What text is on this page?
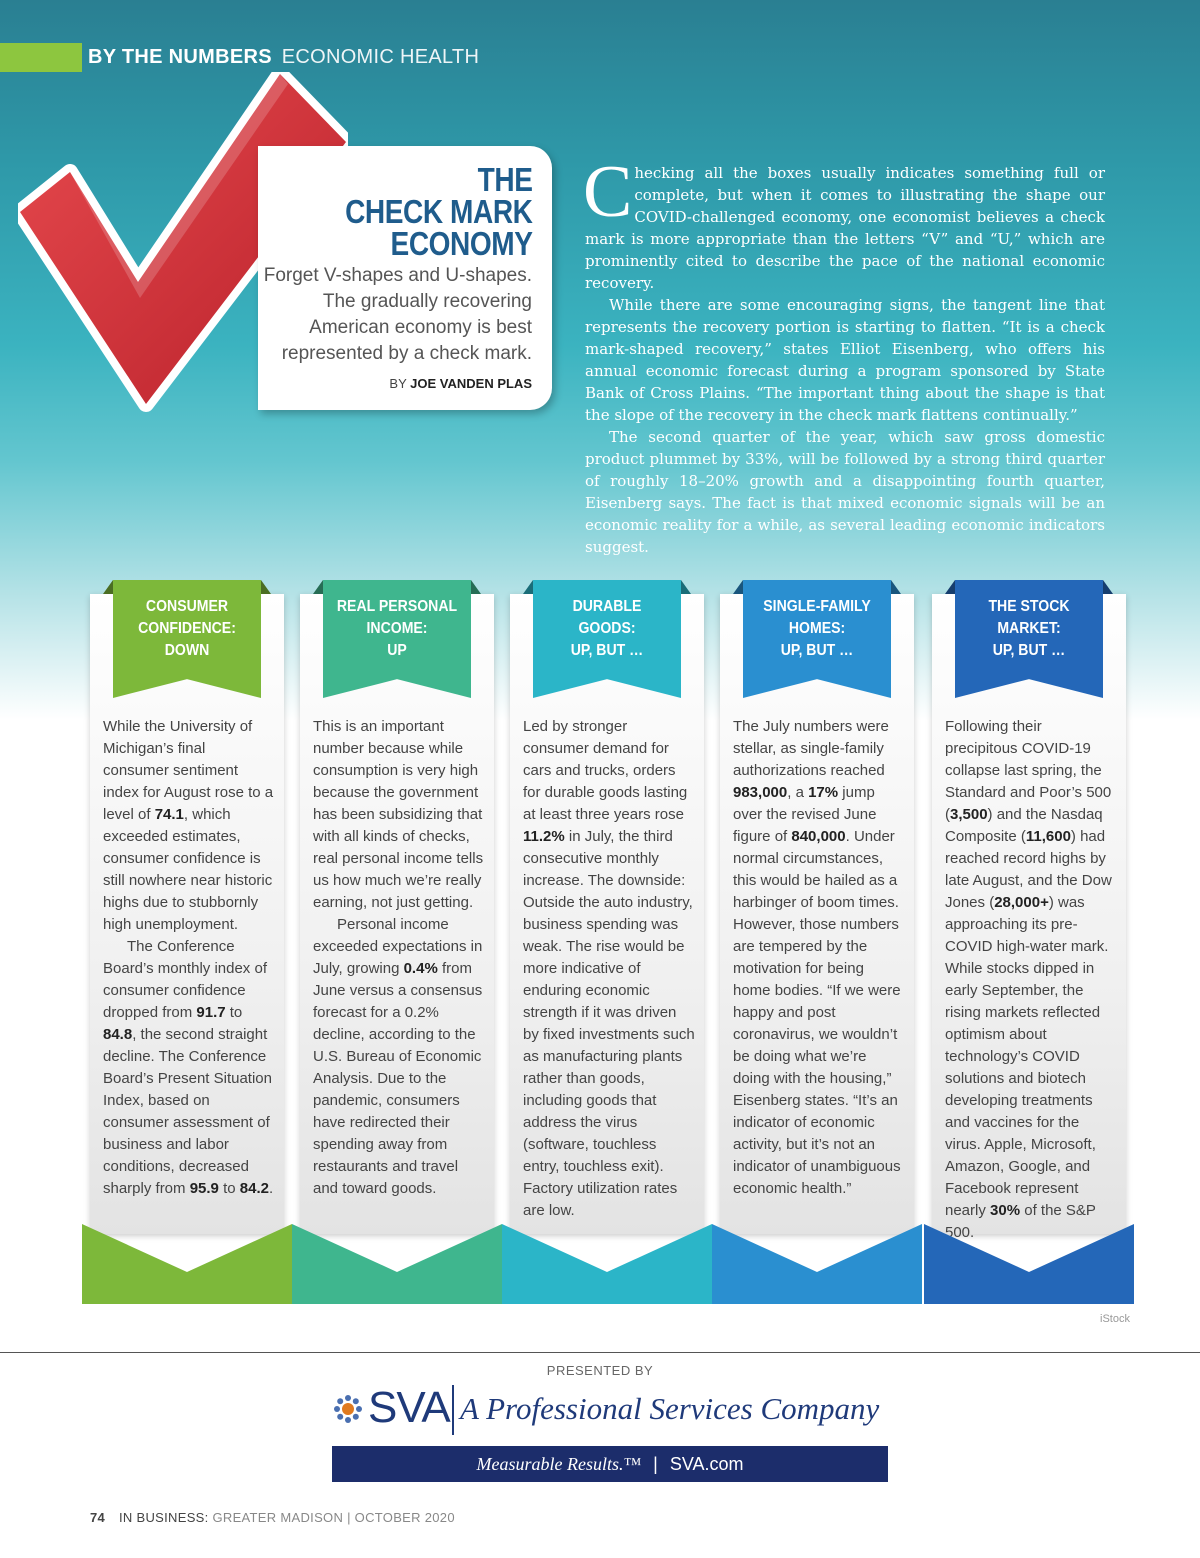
BY THE NUMBERS ECONOMIC HEALTH
THE
CHECK MARK
ECONOMY
Forget V-shapes and U-shapes. The gradually recovering American economy is best represented by a check mark.
BY JOE VANDEN PLAS

Checking all the boxes usually indicates something full or complete, but when it comes to illustrating the shape our COVID-challenged economy, one economist believes a check mark is more appropriate than the letters “V” and “U,” which are prominently cited to describe the pace of the national economic recovery.

While there are some encouraging signs, the tangent line that represents the recovery portion is starting to flatten. “It is a check mark-shaped recovery,” states Elliot Eisenberg, who offers his annual economic forecast during a program sponsored by State Bank of Cross Plains. “The important thing about the shape is that the slope of the recovery in the check mark flattens continually.”

The second quarter of the year, which saw gross domestic product plummet by 33%, will be followed by a strong third quarter of roughly 18–20% growth and a disappointing fourth quarter, Eisenberg says. The fact is that mixed economic signals will be an economic reality for a while, as several leading economic indicators suggest.

CONSUMER
CONFIDENCE:
DOWN

While the University of Michigan’s final consumer sentiment index for August rose to a level of 74.1, which exceeded estimates, consumer confidence is still nowhere near historic highs due to stubbornly high unemployment.

The Conference Board’s monthly index of consumer confidence dropped from 91.7 to 84.8, the second straight decline. The Conference Board’s Present Situation Index, based on consumer assessment of business and labor conditions, decreased sharply from 95.9 to 84.2.

REAL PERSONAL
INCOME:
UP

This is an important number because while consumption is very high because the government has been subsidizing that with all kinds of checks, real personal income tells us how much we’re really earning, not just getting.

Personal income exceeded expectations in July, growing 0.4% from June versus a consensus forecast for a 0.2% decline, according to the U.S. Bureau of Economic Analysis. Due to the pandemic, consumers have redirected their spending away from restaurants and travel and toward goods.

DURABLE
GOODS:
UP, BUT …

Led by stronger consumer demand for cars and trucks, orders for durable goods lasting at least three years rose 11.2% in July, the third consecutive monthly increase. The downside: Outside the auto industry, business spending was weak. The rise would be more indicative of enduring economic strength if it was driven by fixed investments such as manufacturing plants rather than goods, including goods that address the virus (software, touchless entry, touchless exit). Factory utilization rates are low.

SINGLE-FAMILY
HOMES:
UP, BUT …

The July numbers were stellar, as single-family authorizations reached 983,000, a 17% jump over the revised June figure of 840,000. Under normal circumstances, this would be hailed as a harbinger of boom times. However, those numbers are tempered by the motivation for being home bodies. “If we were happy and post coronavirus, we wouldn’t be doing what we’re doing with the housing,” Eisenberg states. “It’s an indicator of economic activity, but it’s not an indicator of unambiguous economic health.”

THE STOCK
MARKET:
UP, BUT …

Following their precipitous COVID-19 collapse last spring, the Standard and Poor’s 500 (3,500) and the Nasdaq Composite (11,600) had reached record highs by late August, and the Dow Jones (28,000+) was approaching its pre-COVID high-water mark. While stocks dipped in early September, the rising markets reflected optimism about technology’s COVID solutions and biotech developing treatments and vaccines for the virus. Apple, Microsoft, Amazon, Google, and Facebook represent nearly 30% of the S&P 500.

iStock
PRESENTED BY
SVA A Professional Services Company
Measurable Results.™ | SVA.com
74 IN BUSINESS: GREATER MADISON | OCTOBER 2020
